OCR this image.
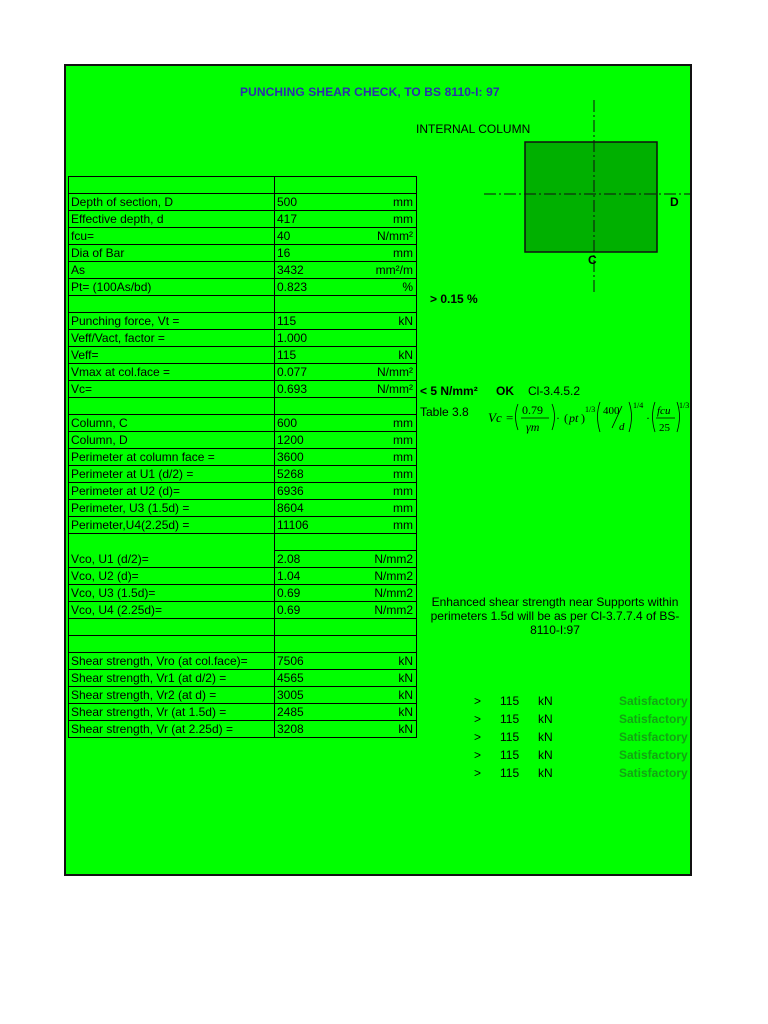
PUNCHING SHEAR CHECK, TO BS 8110-I: 97
INTERNAL COLUMN
D
C

Depth of section, D	500 mm

Effective depth, d	417 mm

fcu=	40 N/mm²

Dia of Bar	16 mm

As	3432 mm²/m

Pt= (100As/bd)	0.823 %

Punching force, Vt =	115 kN

Veff/Vact, factor =	1.000

Veff=	115 kN

Vmax at col.face =	0.077 N/mm²

Vc=	0.693 N/mm²

Column, C	600 mm

Column, D	1200 mm

Perimeter at column face =	3600 mm

Perimeter at U1 (d/2) =	5268 mm

Perimeter at U2 (d)=	6936 mm

Perimeter, U3 (1.5d) =	8604 mm

Perimeter,U4(2.25d) =	11106 mm

Vco, U1 (d/2)=	2.08 N/mm2

Vco, U2 (d)=	1.04 N/mm2

Vco, U3 (1.5d)=	0.69 N/mm2

Vco, U4 (2.25d)=	0.69 N/mm2

Shear strength, Vro (at col.face)=	7506 kN

Shear strength, Vr1 (at d/2) =	4565 kN

Shear strength, Vr2 (at d) =	3005 kN

Shear strength, Vr (at 1.5d) =	2485 kN

Shear strength, Vr (at 2.25d) =	3208 kN
> 0.15 %
< 5 N/mm² OK Cl-3.4.5.2
Table 3.8 Vc = 0.79
γm
· ( pt )
1/3 400
d
1/4
· fcu
25
1/3
Enhanced shear strength near Supports within
perimeters 1.5d will be as per Cl-3.7.7.4 of BS-
8110-I:97
> 115 kN	Satisfactory
> 115 kN	Satisfactory
> 115 kN	Satisfactory
> 115 kN	Satisfactory
> 115 kN	Satisfactory
